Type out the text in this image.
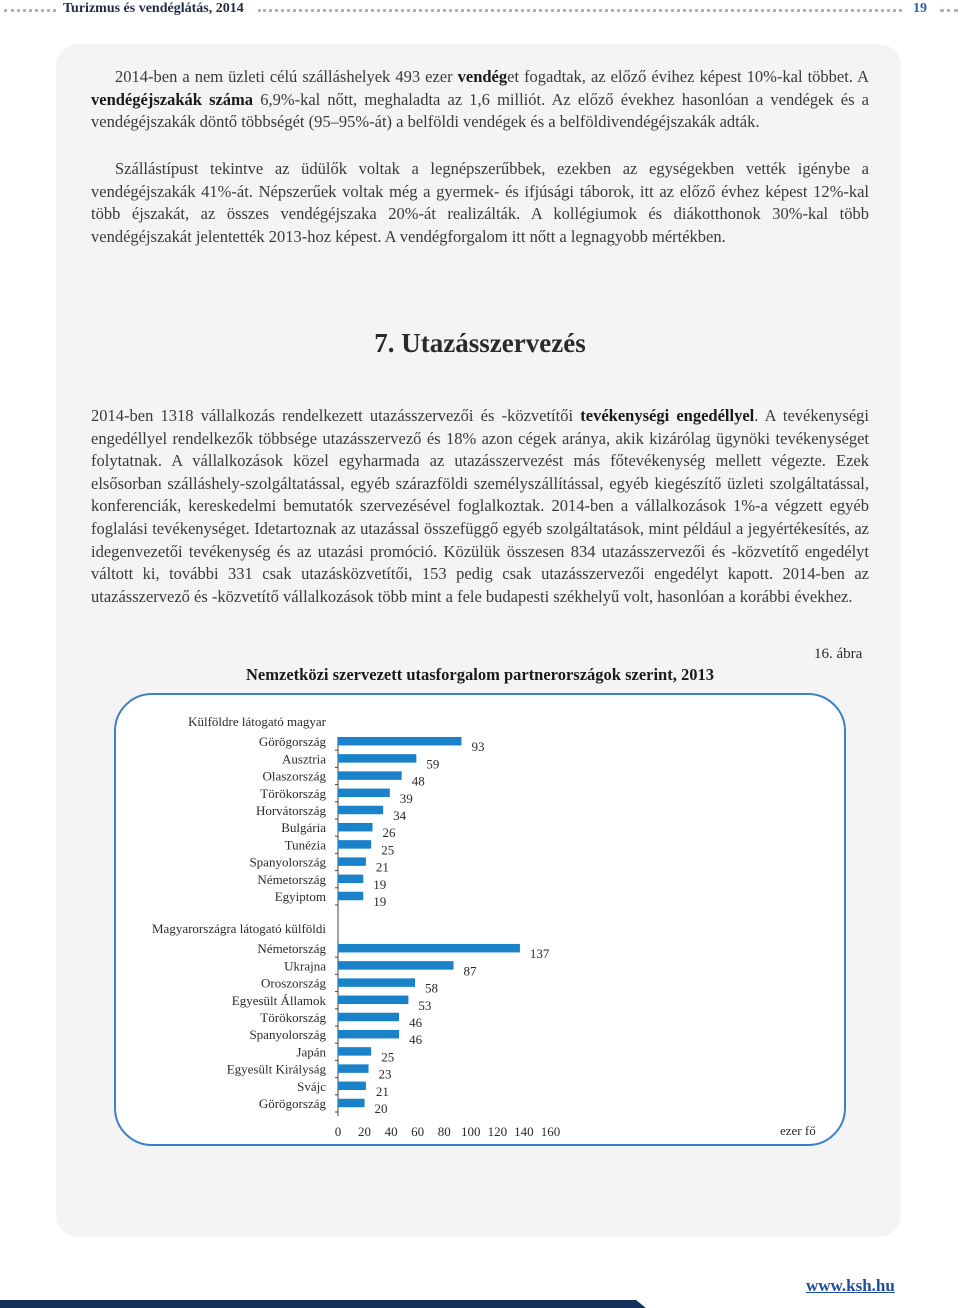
Turizmus és vendéglátás, 2014	19

2014-ben a nem üzleti célú szálláshelyek 493 ezer vendéget fogadtak, az előző évihez képest 10%-kal többet. A vendégéjszakák száma 6,9%-kal nőtt, meghaladta az 1,6 milliót. Az előző évekhez hasonlóan a vendégek és a vendégéjszakák döntő többségét (95–95%-át) a belföldi vendégek és a belföldivendégéjszakák adták.

Szállástípust tekintve az üdülők voltak a legnépszerűbbek, ezekben az egységekben vették igénybe a vendégéjszakák 41%-át. Népszerűek voltak még a gyermek- és ifjúsági táborok, itt az előző évhez képest 12%-kal több éjszakát, az összes vendégéjszaka 20%-át realizálták. A kollégiumok és diákotthonok 30%-kal több vendégéjszakát jelentették 2013-hoz képest. A vendégforgalom itt nőtt a legnagyobb mértékben.

7. Utazásszervezés

2014-ben 1318 vállalkozás rendelkezett utazásszervezői és -közvetítői tevékenységi engedéllyel. A tevékenységi engedéllyel rendelkezők többsége utazásszervező és 18% azon cégek aránya, akik kizárólag ügynöki tevékenységet folytatnak. A vállalkozások közel egyharmada az utazásszervezést más főtevékenység mellett végezte. Ezek elsősorban szálláshely-szolgáltatással, egyéb szárazföldi személyszállítással, egyéb kiegészítő üzleti szolgáltatással, konferenciák, kereskedelmi bemutatók szervezésével foglalkoztak. 2014-ben a vállalkozások 1%-a végzett egyéb foglalási tevékenységet. Idetartoznak az utazással összefüggő egyéb szolgáltatások, mint például a jegyértékesítés, az idegenvezetői tevékenység és az utazási promóció. Közülük összesen 834 utazásszervezői és -közvetítő engedélyt váltott ki, további 331 csak utazásközvetítői, 153 pedig csak utazásszervezői engedélyt kapott. 2014-ben az utazásszervező és -közvetítő vállalkozások több mint a fele budapesti székhelyű volt, hasonlóan a korábbi évekhez.

16. ábra
Nemzetközi szervezett utasforgalom partnerországok szerint, 2013
Külföldre látogató magyar
Görögország	93
Ausztria	59
Olaszország	48
Törökország	39
Horvátország	34
Bulgária	26
Tunézia	25
Spanyolország	21
Németország	19
Egyiptom	19
Magyarországra látogató külföldi
Németország	137
Ukrajna	87
Oroszország	58
Egyesült Államok	53
Törökország	46
Spanyolország	46
Japán	25
Egyesült Királyság	23
Svájc	21
Görögország	20
0 20 40 60 80 100 120 140 160	ezer fő
www.ksh.hu
